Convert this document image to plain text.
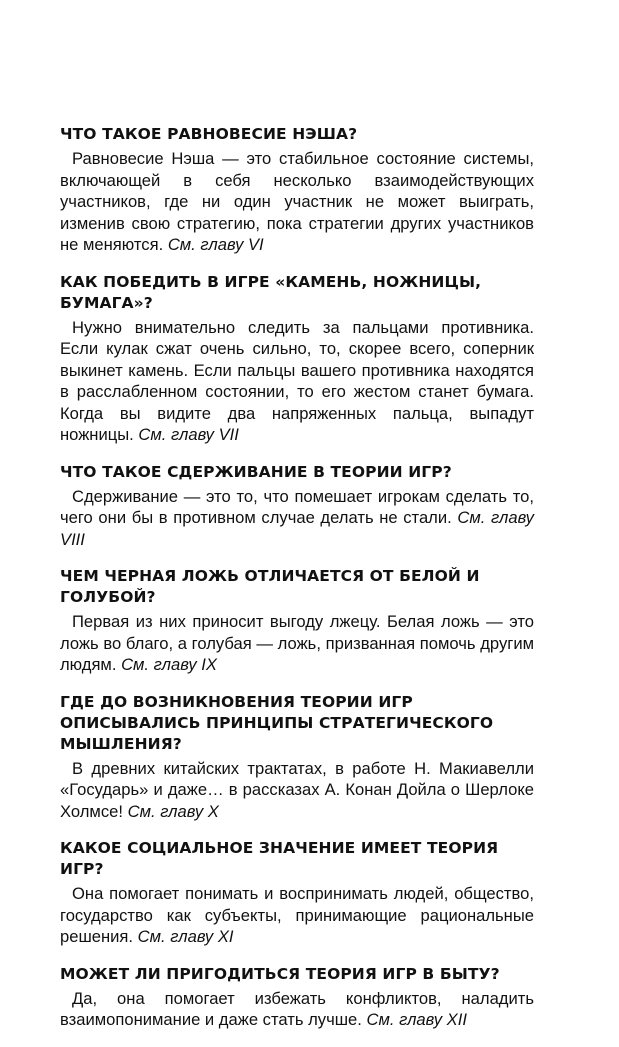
ЧТО ТАКОЕ РАВНОВЕСИЕ НЭША?

Равновесие Нэша — это стабильное состояние системы, включающей в себя несколько взаимодействующих участников, где ни один участник не может выиграть, изменив свою стратегию, пока стратегии других участников не меняются. См. главу VI

КАК ПОБЕДИТЬ В ИГРЕ «КАМЕНЬ, НОЖНИЦЫ, БУМАГА»?

Нужно внимательно следить за пальцами противника. Если кулак сжат очень сильно, то, скорее всего, соперник выкинет камень. Если пальцы вашего противника находятся в расслабленном состоянии, то его жестом станет бумага. Когда вы видите два напряженных пальца, выпадут ножницы. См. главу VII

ЧТО ТАКОЕ СДЕРЖИВАНИЕ В ТЕОРИИ ИГР?

Сдерживание — это то, что помешает игрокам сделать то, чего они бы в противном случае делать не стали. См. главу VIII

ЧЕМ ЧЕРНАЯ ЛОЖЬ ОТЛИЧАЕТСЯ ОТ БЕЛОЙ И ГОЛУБОЙ?

Первая из них приносит выгоду лжецу. Белая ложь — это ложь во благо, а голубая — ложь, призванная помочь другим людям. См. главу IX

ГДЕ ДО ВОЗНИКНОВЕНИЯ ТЕОРИИ ИГР ОПИСЫВАЛИСЬ ПРИНЦИПЫ СТРАТЕГИЧЕСКОГО МЫШЛЕНИЯ?

В древних китайских трактатах, в работе Н. Макиавелли «Государь» и даже… в рассказах А. Конан Дойла о Шерлоке Холмсе! См. главу X

КАКОЕ СОЦИАЛЬНОЕ ЗНАЧЕНИЕ ИМЕЕТ ТЕОРИЯ ИГР?

Она помогает понимать и воспринимать людей, общество, государство как субъекты, принимающие рациональные решения. См. главу XI

МОЖЕТ ЛИ ПРИГОДИТЬСЯ ТЕОРИЯ ИГР В БЫТУ?

Да, она помогает избежать конфликтов, наладить взаимопонимание и даже стать лучше. См. главу XII
